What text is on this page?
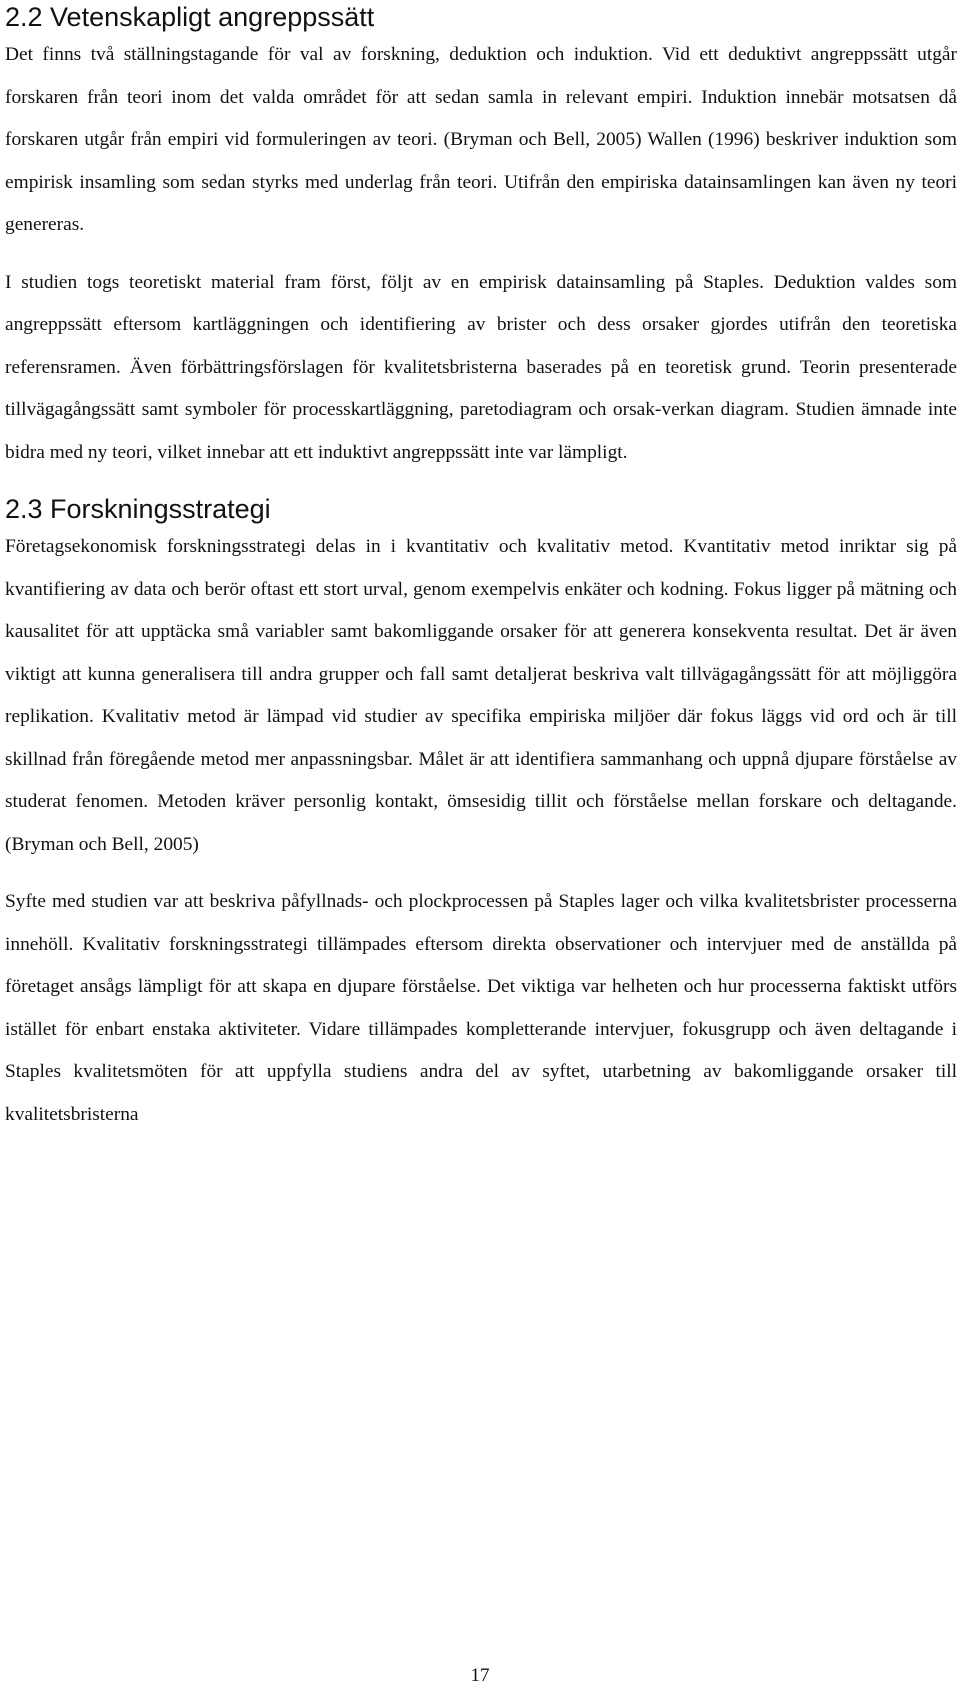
2.2 Vetenskapligt angreppssätt

Det finns två ställningstagande för val av forskning, deduktion och induktion. Vid ett deduktivt angreppssätt utgår forskaren från teori inom det valda området för att sedan samla in relevant empiri. Induktion innebär motsatsen då forskaren utgår från empiri vid formuleringen av teori. (Bryman och Bell, 2005) Wallen (1996) beskriver induktion som empirisk insamling som sedan styrks med underlag från teori. Utifrån den empiriska datainsamlingen kan även ny teori genereras.

I studien togs teoretiskt material fram först, följt av en empirisk datainsamling på Staples. Deduktion valdes som angreppssätt eftersom kartläggningen och identifiering av brister och dess orsaker gjordes utifrån den teoretiska referensramen. Även förbättringsförslagen för kvalitetsbristerna baserades på en teoretisk grund. Teorin presenterade tillvägagångssätt samt symboler för processkartläggning, paretodiagram och orsak-verkan diagram. Studien ämnade inte bidra med ny teori, vilket innebar att ett induktivt angreppssätt inte var lämpligt.

2.3 Forskningsstrategi

Företagsekonomisk forskningsstrategi delas in i kvantitativ och kvalitativ metod. Kvantitativ metod inriktar sig på kvantifiering av data och berör oftast ett stort urval, genom exempelvis enkäter och kodning. Fokus ligger på mätning och kausalitet för att upptäcka små variabler samt bakomliggande orsaker för att generera konsekventa resultat. Det är även viktigt att kunna generalisera till andra grupper och fall samt detaljerat beskriva valt tillvägagångssätt för att möjliggöra replikation. Kvalitativ metod är lämpad vid studier av specifika empiriska miljöer där fokus läggs vid ord och är till skillnad från föregående metod mer anpassningsbar. Målet är att identifiera sammanhang och uppnå djupare förståelse av studerat fenomen. Metoden kräver personlig kontakt, ömsesidig tillit och förståelse mellan forskare och deltagande. (Bryman och Bell, 2005)

Syfte med studien var att beskriva påfyllnads- och plockprocessen på Staples lager och vilka kvalitetsbrister processerna innehöll. Kvalitativ forskningsstrategi tillämpades eftersom direkta observationer och intervjuer med de anställda på företaget ansågs lämpligt för att skapa en djupare förståelse. Det viktiga var helheten och hur processerna faktiskt utförs istället för enbart enstaka aktiviteter. Vidare tillämpades kompletterande intervjuer, fokusgrupp och även deltagande i Staples kvalitetsmöten för att uppfylla studiens andra del av syftet, utarbetning av bakomliggande orsaker till kvalitetsbristerna

17
